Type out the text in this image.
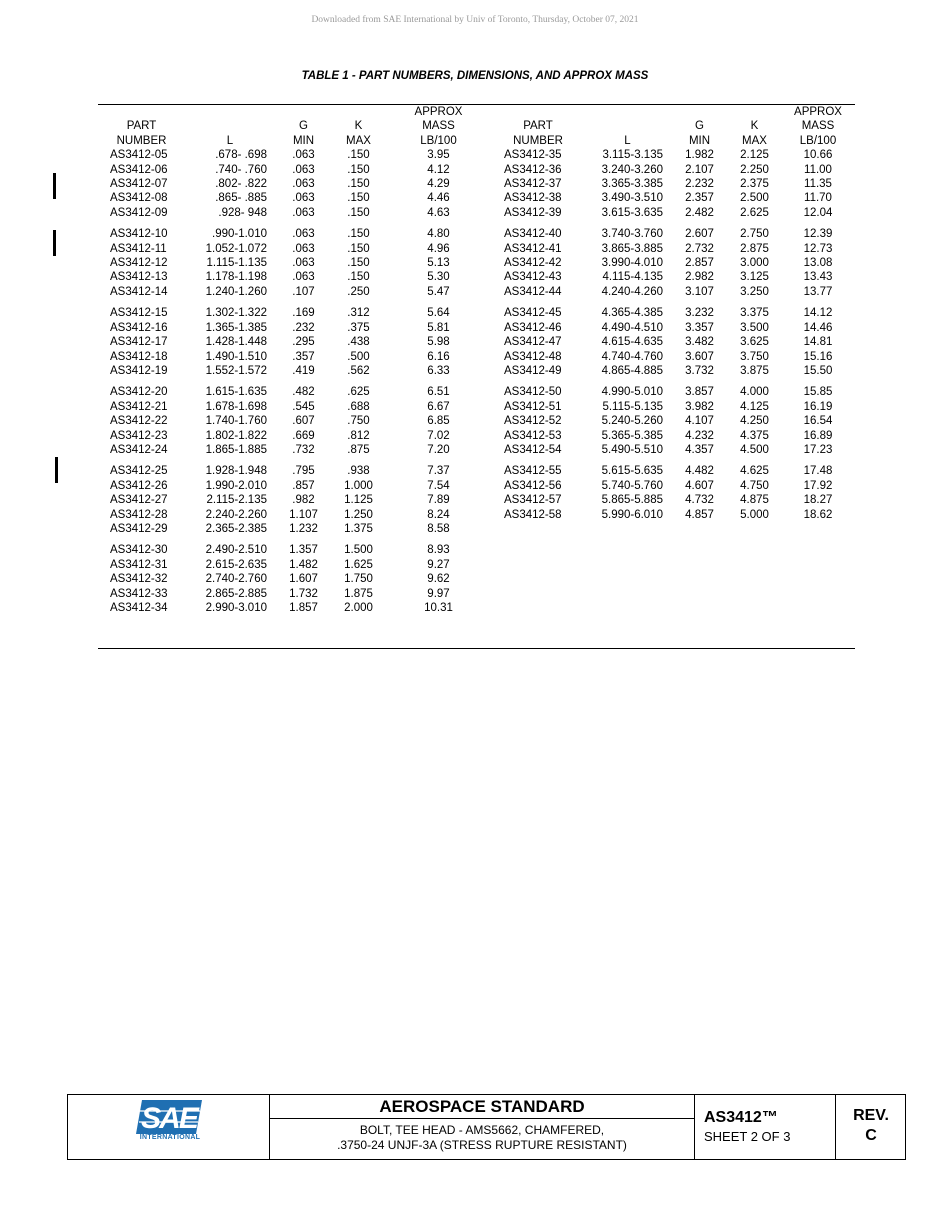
Downloaded from SAE International by Univ of Toronto, Thursday, October 07, 2021
TABLE 1 - PART NUMBERS, DIMENSIONS, AND APPROX MASS
				APPROX					APPROX
PART		G	K	MASS	PART		G	K	MASS
NUMBER	L	MIN	MAX	LB/100	NUMBER	L	MIN	MAX	LB/100
AS3412-05	.678- .698	.063	.150	3.95	AS3412-35	3.115-3.135	1.982	2.125	10.66
AS3412-06	.740- .760	.063	.150	4.12	AS3412-36	3.240-3.260	2.107	2.250	11.00
AS3412-07	.802- .822	.063	.150	4.29	AS3412-37	3.365-3.385	2.232	2.375	11.35
AS3412-08	.865- .885	.063	.150	4.46	AS3412-38	3.490-3.510	2.357	2.500	11.70
AS3412-09	.928- 948	.063	.150	4.63	AS3412-39	3.615-3.635	2.482	2.625	12.04

AS3412-10	.990-1.010	.063	.150	4.80	AS3412-40	3.740-3.760	2.607	2.750	12.39
AS3412-11	1.052-1.072	.063	.150	4.96	AS3412-41	3.865-3.885	2.732	2.875	12.73
AS3412-12	1.115-1.135	.063	.150	5.13	AS3412-42	3.990-4.010	2.857	3.000	13.08
AS3412-13	1.178-1.198	.063	.150	5.30	AS3412-43	4.115-4.135	2.982	3.125	13.43
AS3412-14	1.240-1.260	.107	.250	5.47	AS3412-44	4.240-4.260	3.107	3.250	13.77

AS3412-15	1.302-1.322	.169	.312	5.64	AS3412-45	4.365-4.385	3.232	3.375	14.12
AS3412-16	1.365-1.385	.232	.375	5.81	AS3412-46	4.490-4.510	3.357	3.500	14.46
AS3412-17	1.428-1.448	.295	.438	5.98	AS3412-47	4.615-4.635	3.482	3.625	14.81
AS3412-18	1.490-1.510	.357	.500	6.16	AS3412-48	4.740-4.760	3.607	3.750	15.16
AS3412-19	1.552-1.572	.419	.562	6.33	AS3412-49	4.865-4.885	3.732	3.875	15.50

AS3412-20	1.615-1.635	.482	.625	6.51	AS3412-50	4.990-5.010	3.857	4.000	15.85
AS3412-21	1.678-1.698	.545	.688	6.67	AS3412-51	5.115-5.135	3.982	4.125	16.19
AS3412-22	1.740-1.760	.607	.750	6.85	AS3412-52	5.240-5.260	4.107	4.250	16.54
AS3412-23	1.802-1.822	.669	.812	7.02	AS3412-53	5.365-5.385	4.232	4.375	16.89
AS3412-24	1.865-1.885	.732	.875	7.20	AS3412-54	5.490-5.510	4.357	4.500	17.23

AS3412-25	1.928-1.948	.795	.938	7.37	AS3412-55	5.615-5.635	4.482	4.625	17.48
AS3412-26	1.990-2.010	.857	1.000	7.54	AS3412-56	5.740-5.760	4.607	4.750	17.92
AS3412-27	2.115-2.135	.982	1.125	7.89	AS3412-57	5.865-5.885	4.732	4.875	18.27
AS3412-28	2.240-2.260	1.107	1.250	8.24	AS3412-58	5.990-6.010	4.857	5.000	18.62
AS3412-29	2.365-2.385	1.232	1.375	8.58					

AS3412-30	2.490-2.510	1.357	1.500	8.93					
AS3412-31	2.615-2.635	1.482	1.625	9.27					
AS3412-32	2.740-2.760	1.607	1.750	9.62					
AS3412-33	2.865-2.885	1.732	1.875	9.97					
AS3412-34	2.990-3.010	1.857	2.000	10.31					
SAE
INTERNATIONAL
AEROSPACE STANDARD
BOLT, TEE HEAD - AMS5662, CHAMFERED,
.3750-24 UNJF-3A (STRESS RUPTURE RESISTANT)
AS3412™
SHEET 2 OF 3
REV.
C
